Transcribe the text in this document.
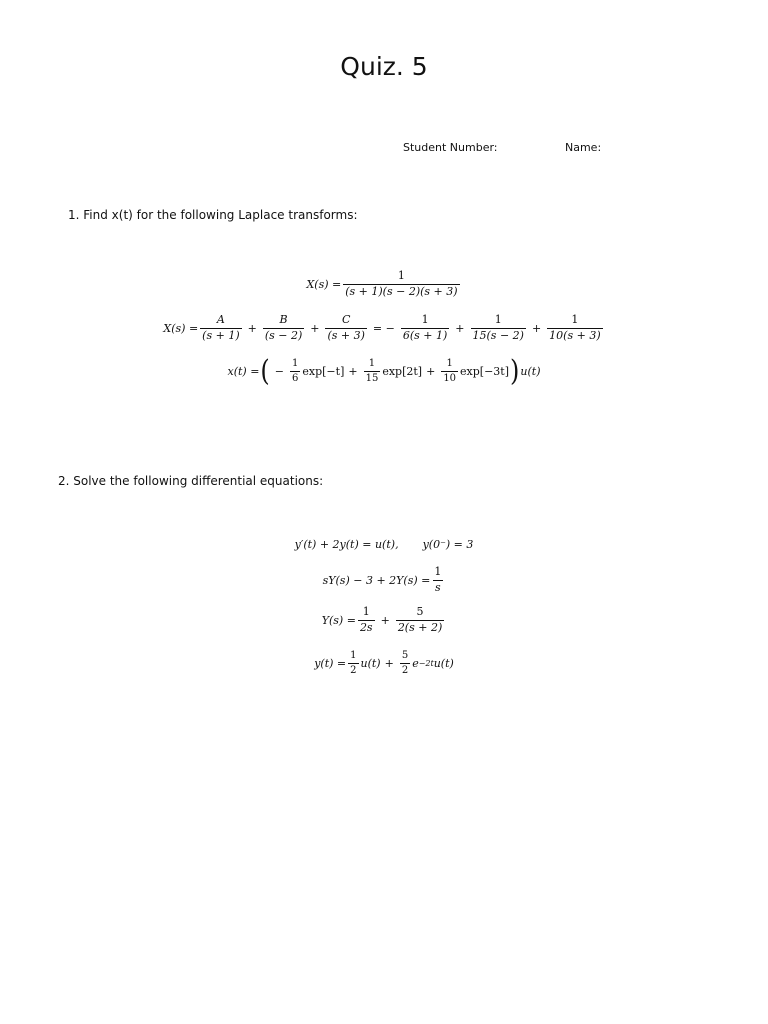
Quiz. 5
Student Number:	Name:
1. Find x(t) for the following Laplace transforms:
$X(s) = \frac{1}{(s + 1)(s - 2)(s + 3)}$
$X(s) = \frac{A}{(s + 1)} + \frac{B}{(s - 2)} + \frac{C}{(s + 3)}$ = − $\frac{1}{6(s + 1)} + \frac{1}{15(s - 2)} + \frac{1}{10(s + 3)}$
x(t) = ( − $\frac{1}{6} \exp[-t] + \frac{1}{15} \exp[2t] + \frac{1}{10} \exp[-3t]$ ) u(t)
2. Solve the following differential equations:
y′(t) + 2y(t) = u(t), y(0⁻) = 3
$sY(s) - 3 + 2Y(s) = \frac{1}{s}$
$Y(s) = \frac{1}{2s} + \frac{5}{2(s + 2)}$
$y(t) = \frac{1}{2} u(t) + \frac{5}{2}$ e −2t u(t)
